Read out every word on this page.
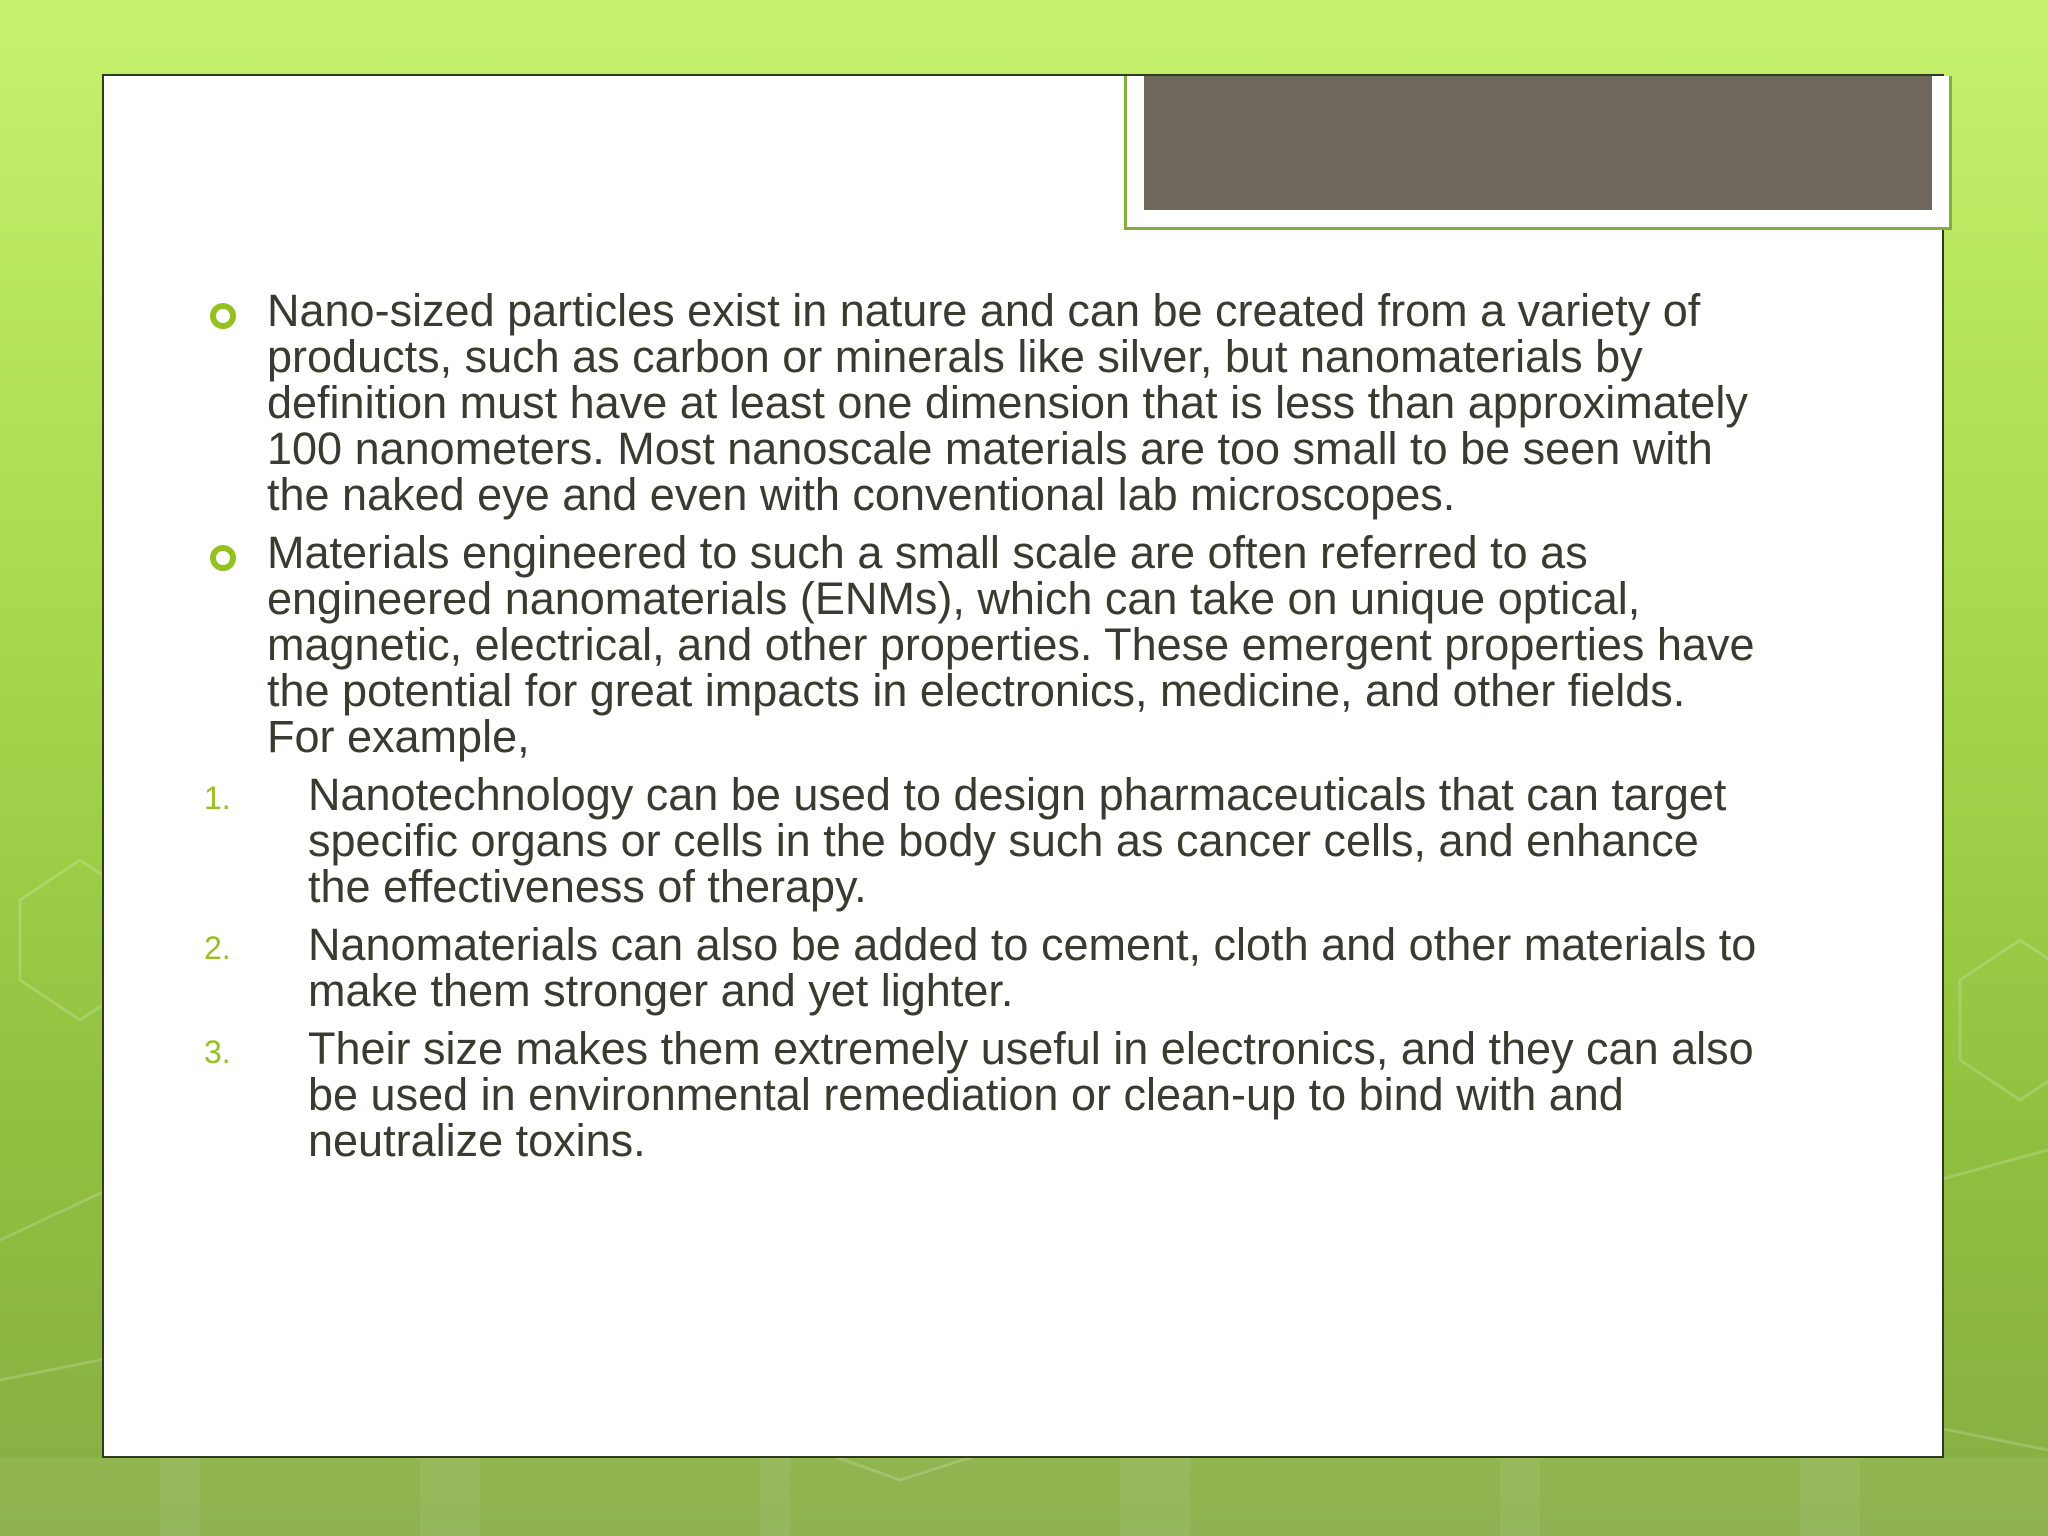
Nano-sized particles exist in nature and can be created from a variety of products, such as carbon or minerals like silver, but nanomaterials by definition must have at least one dimension that is less than approximately 100 nanometers. Most nanoscale materials are too small to be seen with the naked eye and even with conventional lab microscopes.
Materials engineered to such a small scale are often referred to as engineered nanomaterials (ENMs), which can take on unique optical, magnetic, electrical, and other properties. These emergent properties have the potential for great impacts in electronics, medicine, and other fields. For example,
1. Nanotechnology can be used to design pharmaceuticals that can target specific organs or cells in the body such as cancer cells, and enhance the effectiveness of therapy.
2. Nanomaterials can also be added to cement, cloth and other materials to make them stronger and yet lighter.
3. Their size makes them extremely useful in electronics, and they can also be used in environmental remediation or clean-up to bind with and neutralize toxins.
